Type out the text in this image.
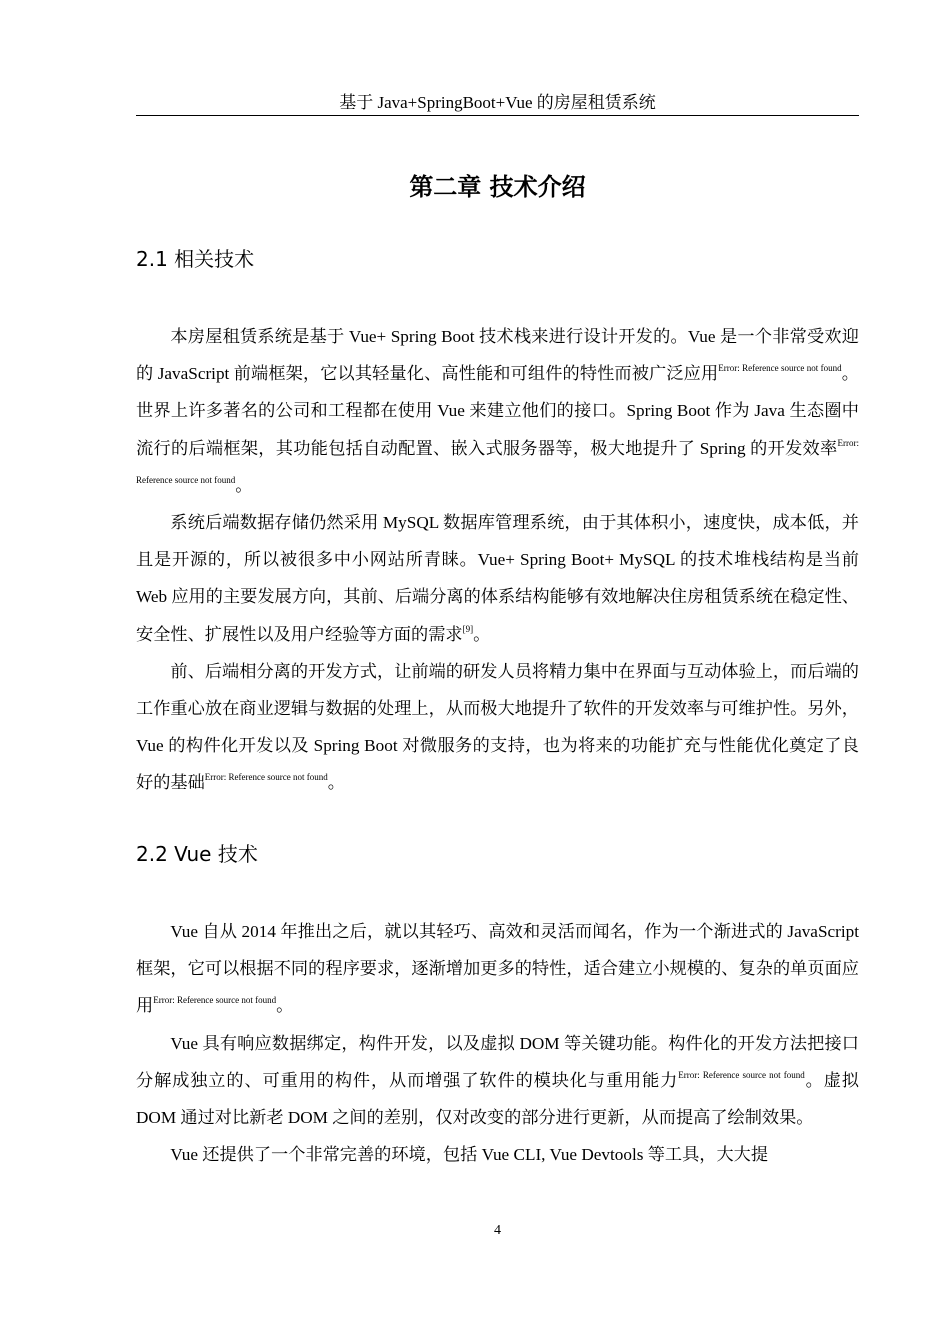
基于 Java+SpringBoot+Vue 的房屋租赁系统
第二章 技术介绍
2.1 相关技术

本房屋租赁系统是基于 Vue+ Spring Boot 技术栈来进行设计开发的。Vue 是一个非常受欢迎的 JavaScript 前端框架，它以其轻量化、高性能和可组件的特性而被广泛应用$^{Error: Reference source not found}$。世界上许多著名的公司和工程都在使用 Vue 来建立他们的接口。Spring Boot 作为 Java 生态圈中流行的后端框架，其功能包括自动配置、嵌入式服务器等，极大地提升了 Spring 的开发效率$^{Error: Reference source not found}$。

系统后端数据存储仍然采用 MySQL 数据库管理系统，由于其体积小，速度快，成本低，并且是开源的，所以被很多中小网站所青睐。Vue+ Spring Boot+ MySQL 的技术堆栈结构是当前 Web 应用的主要发展方向，其前、后端分离的体系结构能够有效地解决住房租赁系统在稳定性、安全性、扩展性以及用户经验等方面的需求[9]。

前、后端相分离的开发方式，让前端的研发人员将精力集中在界面与互动体验上，而后端的工作重心放在商业逻辑与数据的处理上，从而极大地提升了软件的开发效率与可维护性。另外，Vue 的构件化开发以及 Spring Boot 对微服务的支持，也为将来的功能扩充与性能优化奠定了良好的基础$^{Error: Reference source not found}$。

2.2 Vue 技术

Vue 自从 2014 年推出之后，就以其轻巧、高效和灵活而闻名，作为一个渐进式的 JavaScript 框架，它可以根据不同的程序要求，逐渐增加更多的特性，适合建立小规模的、复杂的单页面应用$^{Error: Reference source not found}$。

Vue 具有响应数据绑定，构件开发，以及虚拟 DOM 等关键功能。构件化的开发方法把接口分解成独立的、可重用的构件，从而增强了软件的模块化与重用能力$^{Error: Reference source not found}$。虚拟 DOM 通过对比新老 DOM 之间的差别，仅对改变的部分进行更新，从而提高了绘制效果。

Vue 还提供了一个非常完善的环境，包括 Vue CLI, Vue Devtools 等工具，大大提

4
